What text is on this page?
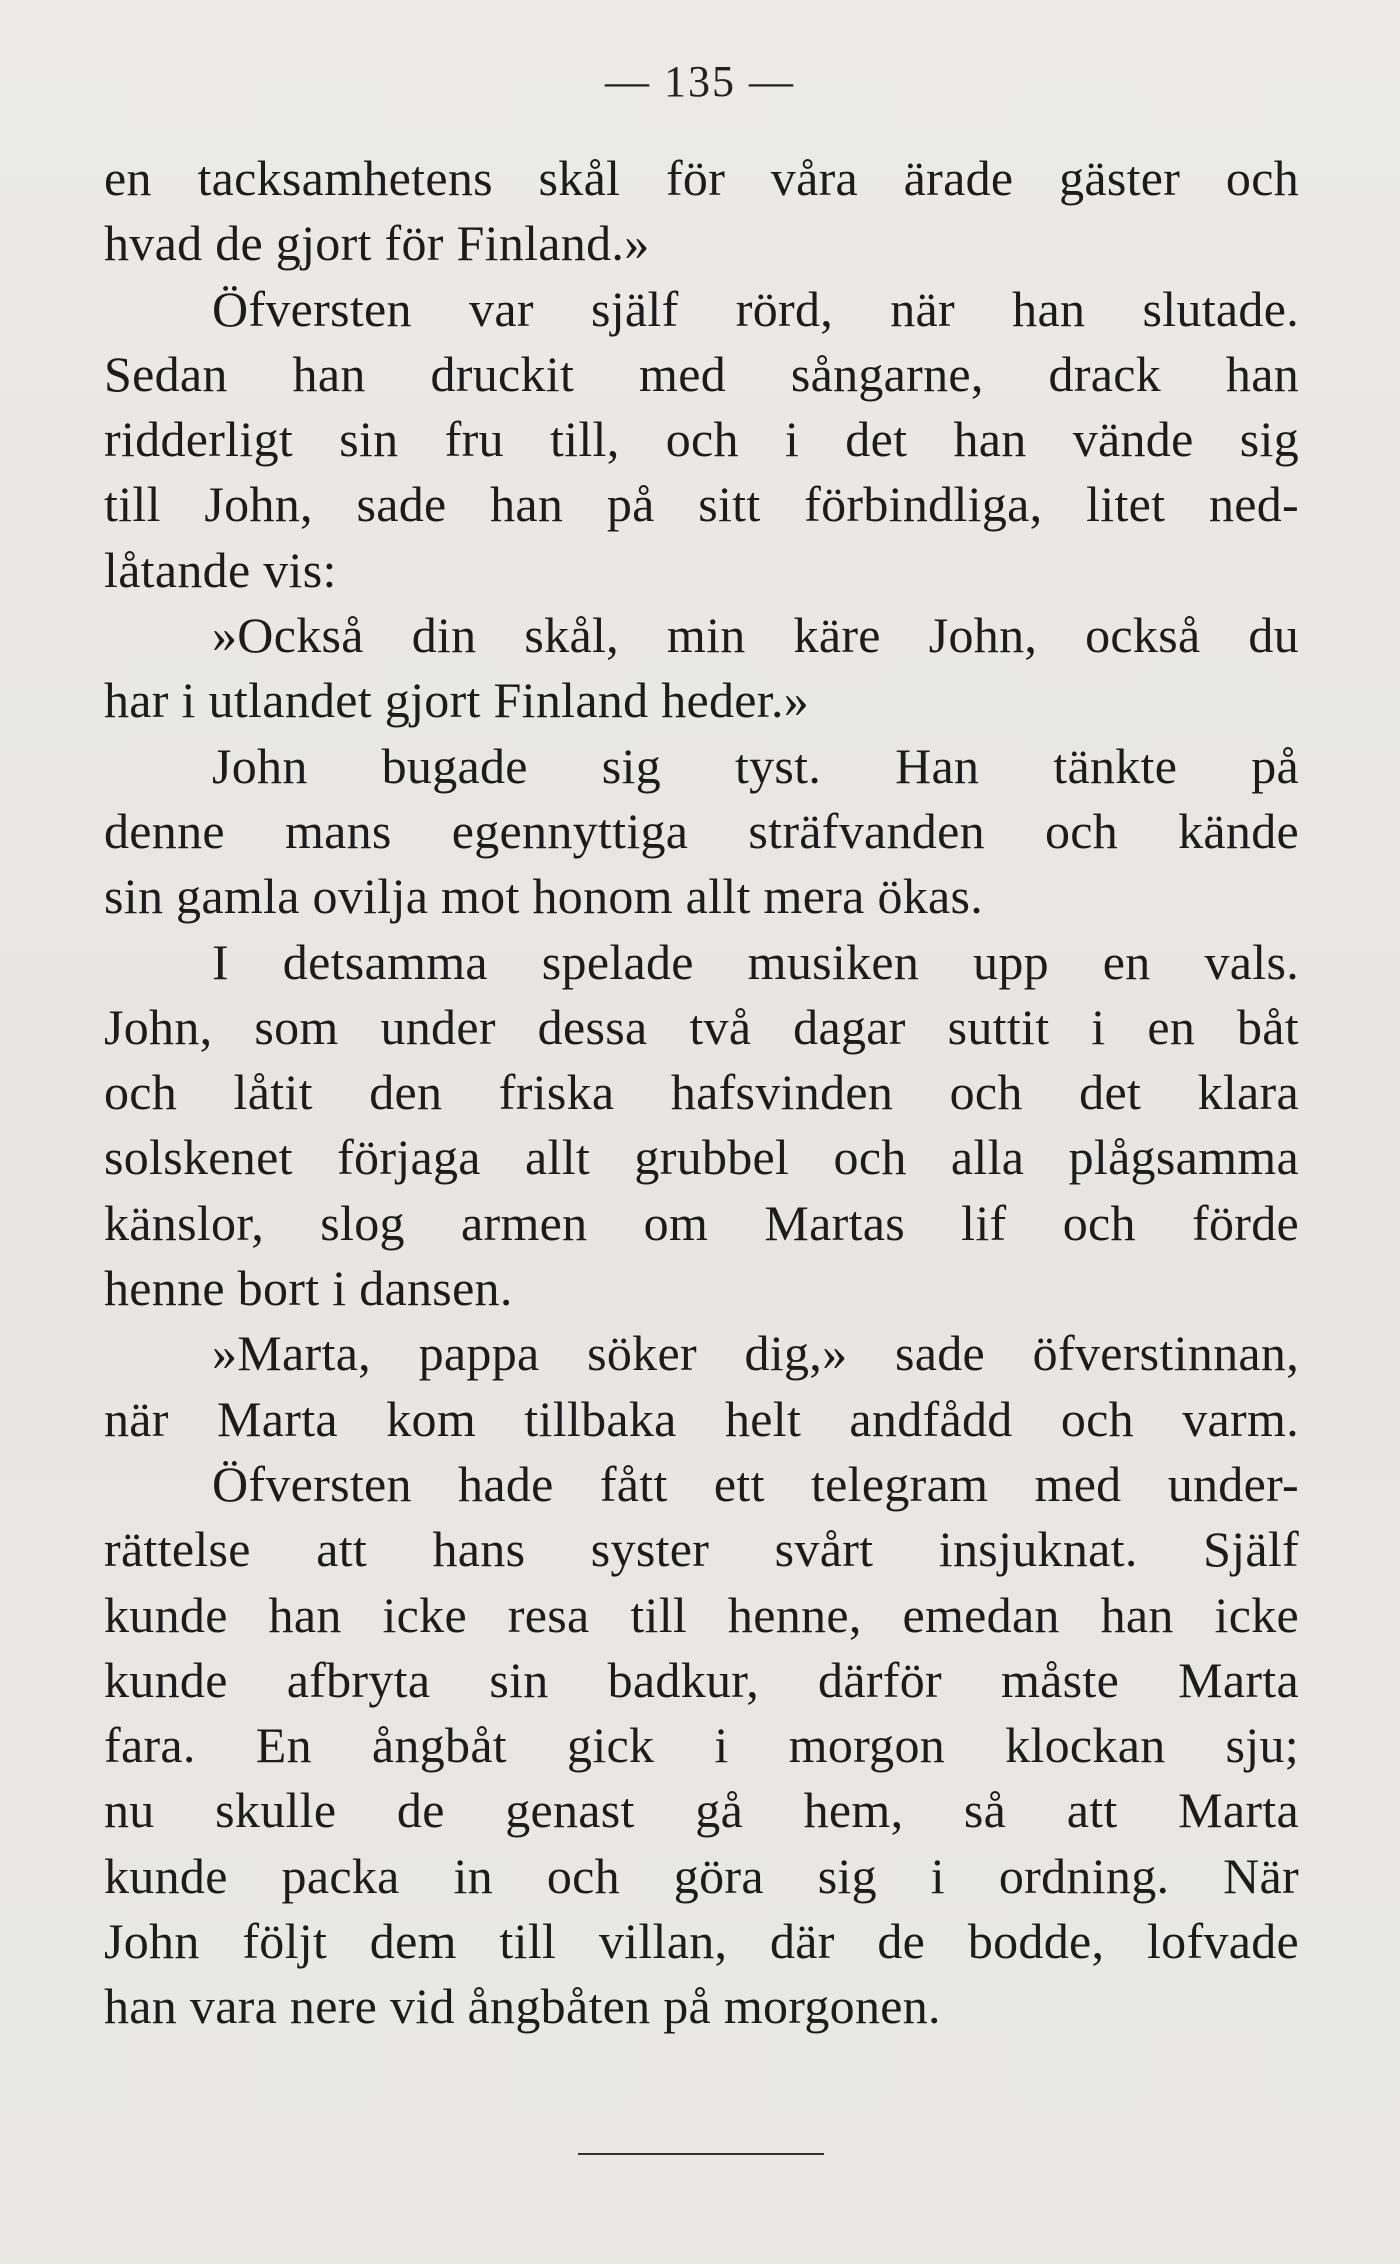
— 135 —
en tacksamhetens skål för våra ärade gäster och
hvad de gjort för Finland.»
Öfversten var själf rörd, när han slutade.
Sedan han druckit med sångarne, drack han
ridderligt sin fru till, och i det han vände sig
till John, sade han på sitt förbindliga, litet ned-
låtande vis:
»Också din skål, min käre John, också du
har i utlandet gjort Finland heder.»
John bugade sig tyst. Han tänkte på
denne mans egennyttiga sträfvanden och kände
sin gamla ovilja mot honom allt mera ökas.
I detsamma spelade musiken upp en vals.
John, som under dessa två dagar suttit i en båt
och låtit den friska hafsvinden och det klara
solskenet förjaga allt grubbel och alla plågsamma
känslor, slog armen om Martas lif och förde
henne bort i dansen.
»Marta, pappa söker dig,» sade öfverstinnan,
när Marta kom tillbaka helt andfådd och varm.
Öfversten hade fått ett telegram med under-
rättelse att hans syster svårt insjuknat. Själf
kunde han icke resa till henne, emedan han icke
kunde afbryta sin badkur, därför måste Marta
fara. En ångbåt gick i morgon klockan sju;
nu skulle de genast gå hem, så att Marta
kunde packa in och göra sig i ordning. När
John följt dem till villan, där de bodde, lofvade
han vara nere vid ångbåten på morgonen.
